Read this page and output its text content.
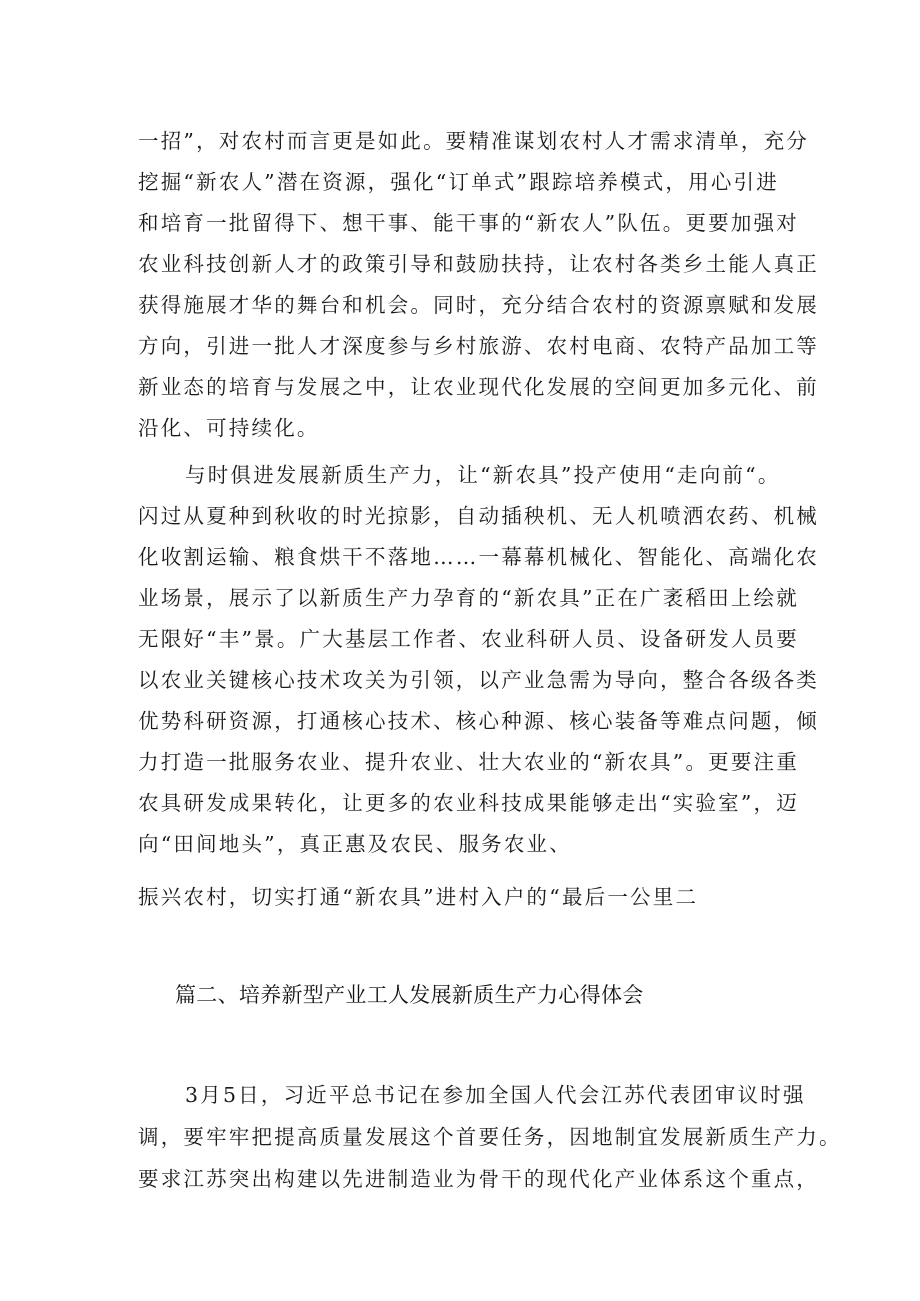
一招”，对农村而言更是如此。要精准谋划农村人才需求清单，充分
挖掘“新农人”潜在资源，强化“订单式”跟踪培养模式，用心引进
和培育一批留得下、想干事、能干事的“新农人”队伍。更要加强对
农业科技创新人才的政策引导和鼓励扶持，让农村各类乡土能人真正
获得施展才华的舞台和机会。同时，充分结合农村的资源禀赋和发展
方向，引进一批人才深度参与乡村旅游、农村电商、农特产品加工等
新业态的培育与发展之中，让农业现代化发展的空间更加多元化、前
沿化、可持续化。
与时俱进发展新质生产力，让“新农具”投产使用“走向前“。
闪过从夏种到秋收的时光掠影，自动插秧机、无人机喷洒农药、机械
化收割运输、粮食烘干不落地……一幕幕机械化、智能化、高端化农
业场景，展示了以新质生产力孕育的“新农具”正在广袤稻田上绘就
无限好“丰”景。广大基层工作者、农业科研人员、设备研发人员要
以农业关键核心技术攻关为引领，以产业急需为导向，整合各级各类
优势科研资源，打通核心技术、核心种源、核心装备等难点问题，倾
力打造一批服务农业、提升农业、壮大农业的“新农具”。更要注重
农具研发成果转化，让更多的农业科技成果能够走出“实验室”，迈
向“田间地头”，真正惠及农民、服务农业、
振兴农村，切实打通“新农具”进村入户的“最后一公里二
篇二、培养新型产业工人发展新质生产力心得体会
3月5日，习近平总书记在参加全国人代会江苏代表团审议时强
调，要牢牢把提高质量发展这个首要任务，因地制宜发展新质生产力。
要求江苏突出构建以先进制造业为骨干的现代化产业体系这个重点，
